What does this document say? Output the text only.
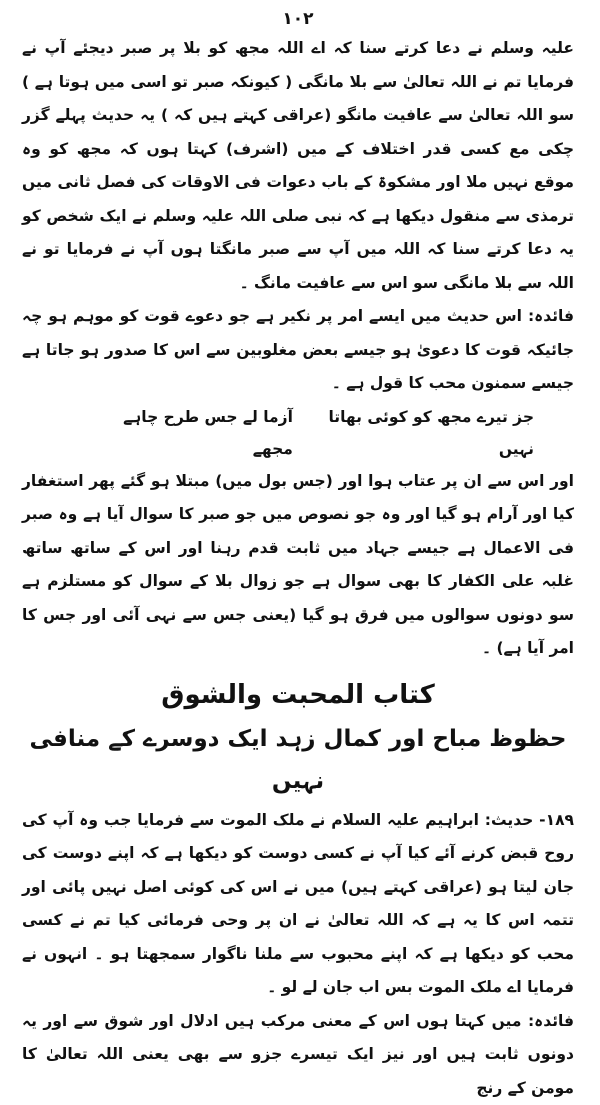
١٠٢

علیہ وسلم نے دعا کرتے سنا کہ اے اللہ مجھ کو بلا پر صبر دیجئے آپ نے فرمایا تم نے اللہ تعالیٰ سے بلا مانگی ( کیونکہ صبر تو اسی میں ہوتا ہے ) سو اللہ تعالیٰ سے عافیت مانگو (عراقی کہتے ہیں کہ ) یہ حدیث پہلے گزر چکی مع کسی قدر اختلاف کے میں (اشرف) کہتا ہوں کہ مجھ کو وہ موقع نہیں ملا اور مشکوۃ کے باب دعوات فی الاوقات کی فصل ثانی میں ترمذی سے منقول دیکھا ہے کہ نبی صلی اللہ علیہ وسلم نے ایک شخص کو یہ دعا کرتے سنا کہ اللہ میں آپ سے صبر مانگتا ہوں آپ نے فرمایا تو نے اللہ سے بلا مانگی سو اس سے عافیت مانگ ۔

فائدہ: اس حدیث میں ایسے امر پر نکیر ہے جو دعوے قوت کو موہم ہو چہ جائیکہ قوت کا دعویٰ ہو جیسے بعض مغلوبین سے اس کا صدور ہو جاتا ہے جیسے سمنون محب کا قول ہے ۔

جز تیرے مجھ کو کوئی بھاتا نہیں
آزما لے جس طرح چاہے مجھے

اور اس سے ان پر عتاب ہوا اور (جس بول میں) مبتلا ہو گئے پھر استغفار کیا اور آرام ہو گیا اور وہ جو نصوص میں جو صبر کا سوال آیا ہے وہ صبر فی الاعمال ہے جیسے جہاد میں ثابت قدم رہنا اور اس کے ساتھ ساتھ غلبہ علی الکفار کا بھی سوال ہے جو زوال بلا کے سوال کو مستلزم ہے سو دونوں سوالوں میں فرق ہو گیا (یعنی جس سے نہی آئی اور جس کا امر آیا ہے) ۔

کتاب المحبت والشوق
حظوظ مباح اور کمال زہد ایک دوسرے کے منافی نہیں

١٨٩- حدیث: ابراہیم علیہ السلام نے ملک الموت سے فرمایا جب وہ آپ کی روح قبض کرنے آئے کیا آپ نے کسی دوست کو دیکھا ہے کہ اپنے دوست کی جان لیتا ہو (عراقی کہتے ہیں) میں نے اس کی کوئی اصل نہیں پائی اور تتمہ اس کا یہ ہے کہ اللہ تعالیٰ نے ان پر وحی فرمائی کیا تم نے کسی محب کو دیکھا ہے کہ اپنے محبوب سے ملنا ناگوار سمجھتا ہو ۔ انہوں نے فرمایا اے ملک الموت بس اب جان لے لو ۔

فائدہ: میں کہتا ہوں اس کے معنی مرکب ہیں ادلال اور شوق سے اور یہ دونوں ثابت ہیں اور نیز ایک تیسرے جزو سے بھی یعنی اللہ تعالیٰ کا مومن کے رنج
